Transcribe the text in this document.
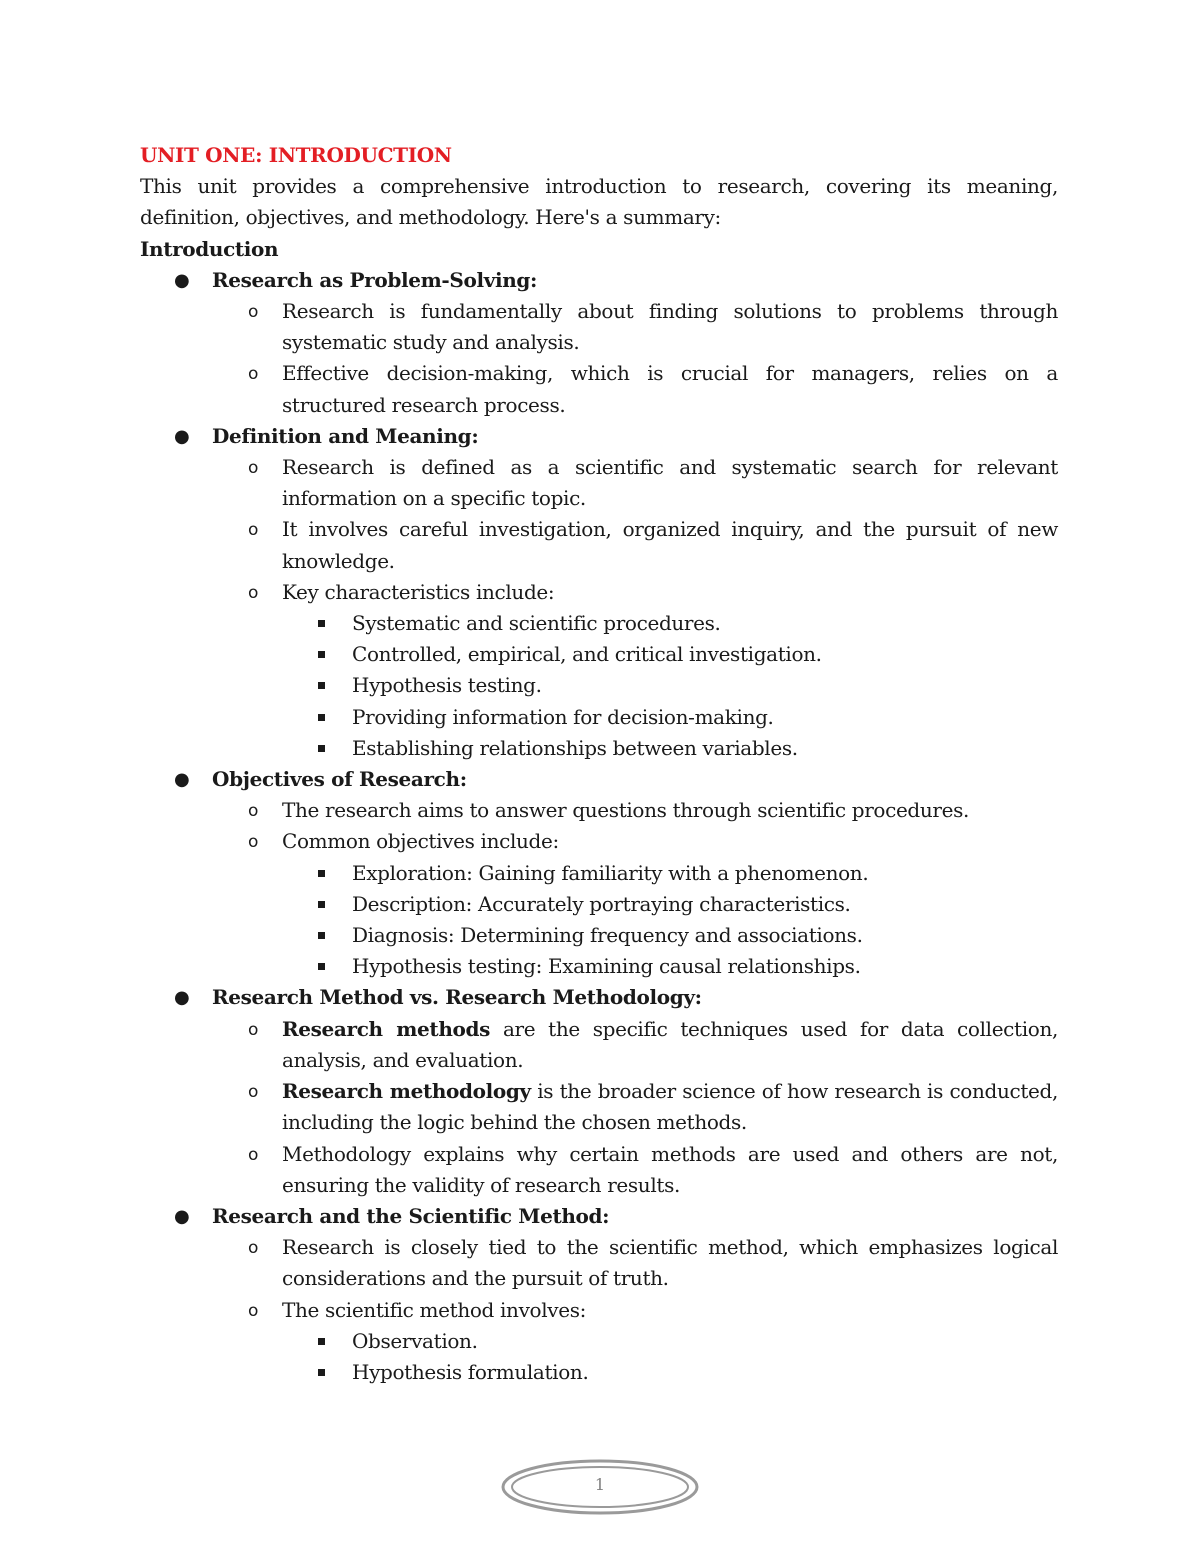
UNIT ONE: INTRODUCTION

This unit provides a comprehensive introduction to research, covering its meaning, definition, objectives, and methodology. Here's a summary:

Introduction

● Research as Problem-Solving:
o Research is fundamentally about finding solutions to problems through systematic study and analysis.
o Effective decision-making, which is crucial for managers, relies on a structured research process.
● Definition and Meaning:
o Research is defined as a scientific and systematic search for relevant information on a specific topic.
o It involves careful investigation, organized inquiry, and the pursuit of new knowledge.
o Key characteristics include:
Systematic and scientific procedures.
Controlled, empirical, and critical investigation.
Hypothesis testing.
Providing information for decision-making.
Establishing relationships between variables.
● Objectives of Research:
o The research aims to answer questions through scientific procedures.
o Common objectives include:
Exploration: Gaining familiarity with a phenomenon.
Description: Accurately portraying characteristics.
Diagnosis: Determining frequency and associations.
Hypothesis testing: Examining causal relationships.
● Research Method vs. Research Methodology:
o Research methods are the specific techniques used for data collection, analysis, and evaluation.
o Research methodology is the broader science of how research is conducted, including the logic behind the chosen methods.
o Methodology explains why certain methods are used and others are not, ensuring the validity of research results.
● Research and the Scientific Method:
o Research is closely tied to the scientific method, which emphasizes logical considerations and the pursuit of truth.
o The scientific method involves:
Observation.
Hypothesis formulation.
1
